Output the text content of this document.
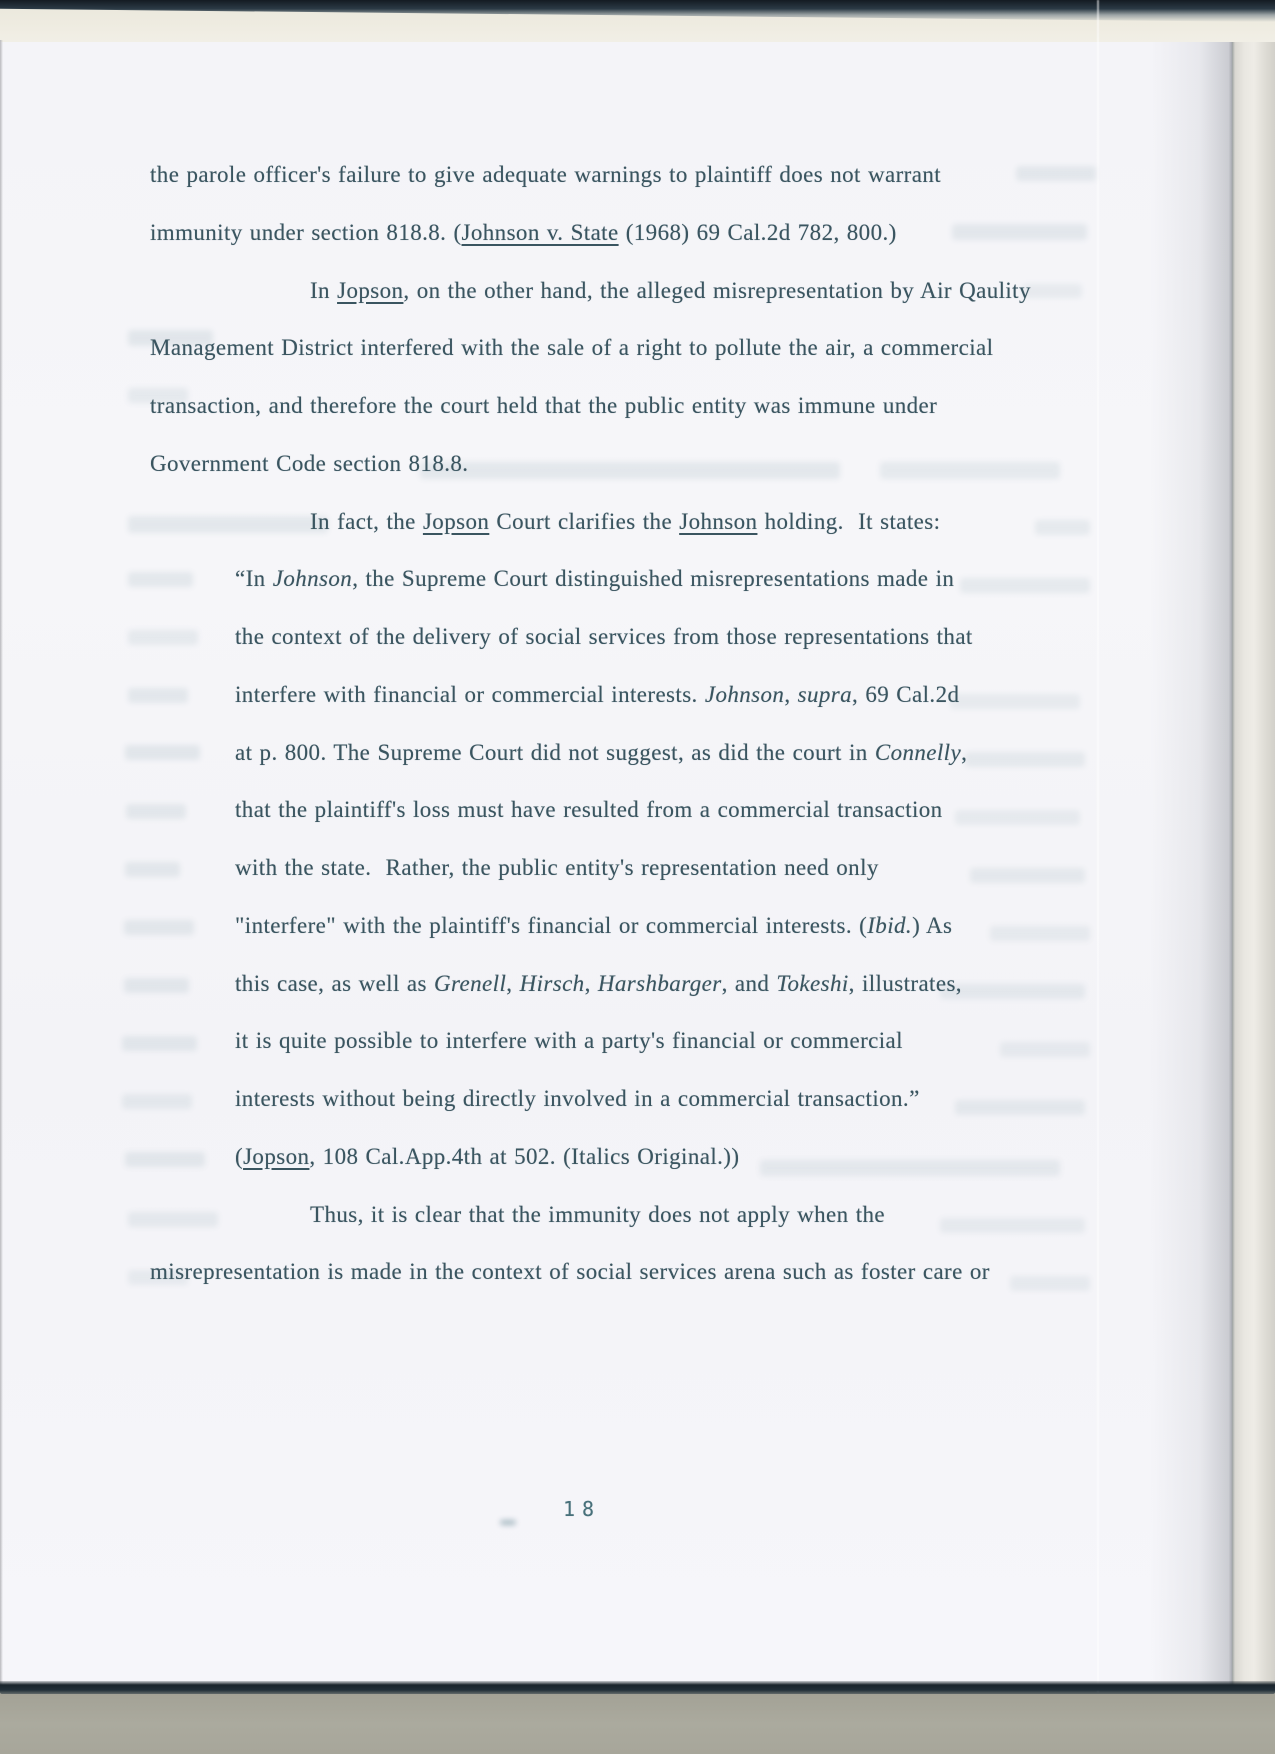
the parole officer's failure to give adequate warnings to plaintiff does not warrant
immunity under section 818.8. (Johnson v. State (1968) 69 Cal.2d 782, 800.)
In Jopson, on the other hand, the alleged misrepresentation by Air Qaulity
Management District interfered with the sale of a right to pollute the air, a commercial
transaction, and therefore the court held that the public entity was immune under
Government Code section 818.8.
In fact, the Jopson Court clarifies the Johnson holding.  It states:
“In Johnson, the Supreme Court distinguished misrepresentations made in
the context of the delivery of social services from those representations that
interfere with financial or commercial interests. Johnson, supra, 69 Cal.2d
at p. 800. The Supreme Court did not suggest, as did the court in Connelly,
that the plaintiff's loss must have resulted from a commercial transaction
with the state.  Rather, the public entity's representation need only
"interfere" with the plaintiff's financial or commercial interests. (Ibid.) As
this case, as well as Grenell, Hirsch, Harshbarger, and Tokeshi, illustrates,
it is quite possible to interfere with a party's financial or commercial
interests without being directly involved in a commercial transaction.”
(Jopson, 108 Cal.App.4th at 502. (Italics Original.))
Thus, it is clear that the immunity does not apply when the
misrepresentation is made in the context of social services arena such as foster care or
18
